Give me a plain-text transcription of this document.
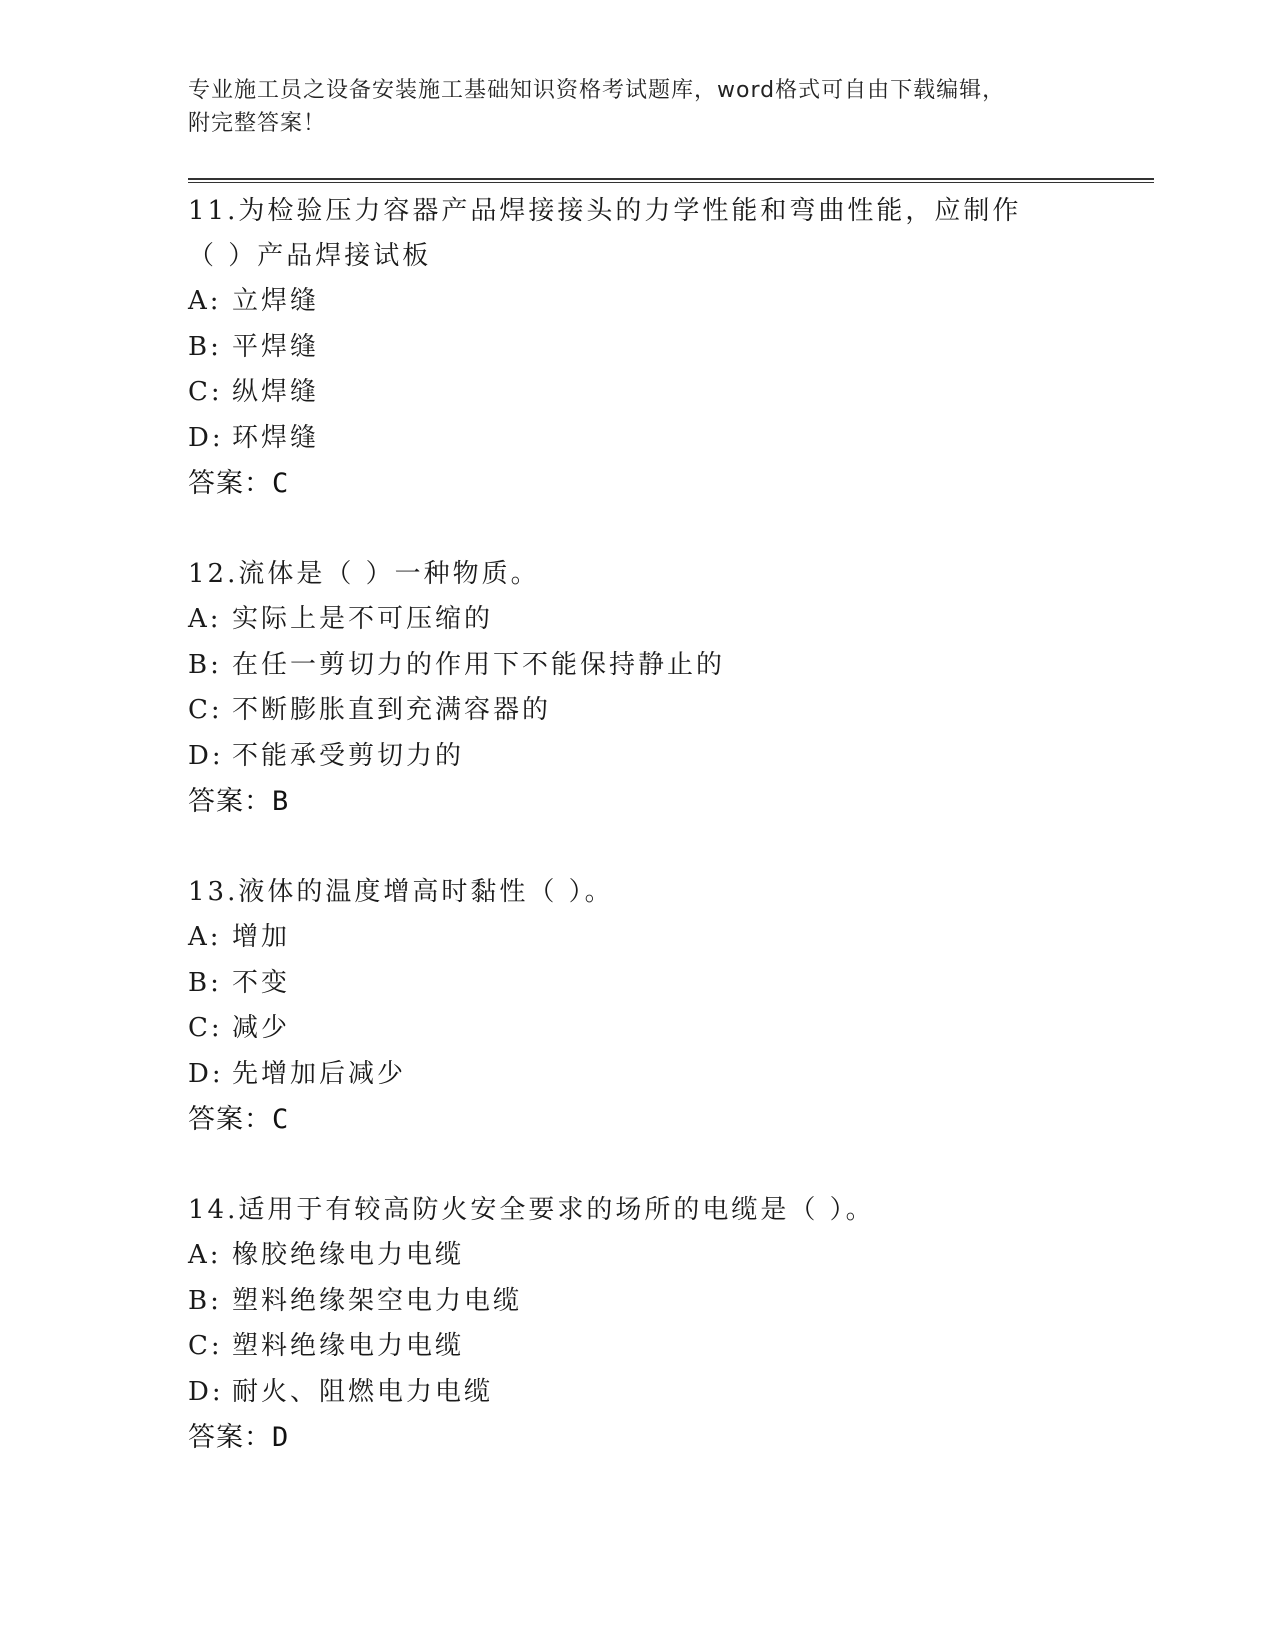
专业施工员之设备安装施工基础知识资格考试题库，word格式可自由下载编辑，
附完整答案！
11.为检验压力容器产品焊接接头的力学性能和弯曲性能，应制作（ ）产品焊接试板
A: 立焊缝
B: 平焊缝
C: 纵焊缝
D: 环焊缝
答案：C
12.流体是（ ）一种物质。
A: 实际上是不可压缩的
B: 在任一剪切力的作用下不能保持静止的
C: 不断膨胀直到充满容器的
D: 不能承受剪切力的
答案：B
13.液体的温度增高时黏性（ ）。
A: 增加
B: 不变
C: 减少
D: 先增加后减少
答案：C
14.适用于有较高防火安全要求的场所的电缆是（ ）。
A: 橡胶绝缘电力电缆
B: 塑料绝缘架空电力电缆
C: 塑料绝缘电力电缆
D: 耐火、阻燃电力电缆
答案：D
